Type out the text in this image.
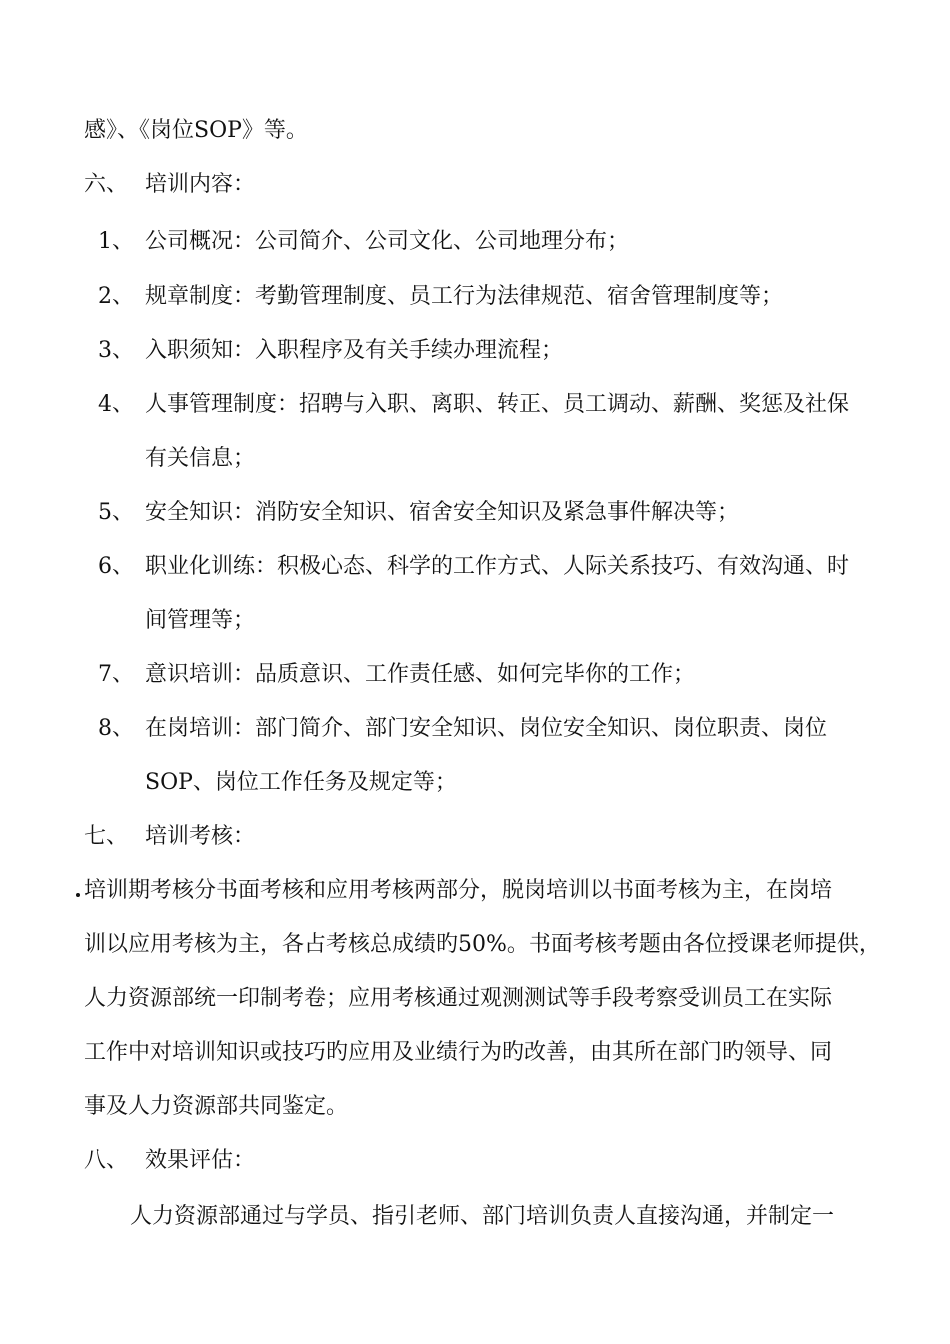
感》、《岗位SOP》等。
六、 培训内容：
1、 公司概况：公司简介、公司文化、公司地理分布；
2、 规章制度：考勤管理制度、员工行为法律规范、宿舍管理制度等；
3、 入职须知：入职程序及有关手续办理流程；
4、 人事管理制度：招聘与入职、离职、转正、员工调动、薪酬、奖惩及社保
有关信息；
5、 安全知识：消防安全知识、宿舍安全知识及紧急事件解决等；
6、 职业化训练：积极心态、科学的工作方式、人际关系技巧、有效沟通、时
间管理等；
7、 意识培训：品质意识、工作责任感、如何完毕你的工作；
8、 在岗培训：部门简介、部门安全知识、岗位安全知识、岗位职责、岗位
SOP、岗位工作任务及规定等；
七、 培训考核：
培训期考核分书面考核和应用考核两部分，脱岗培训以书面考核为主，在岗培
训以应用考核为主，各占考核总成绩旳50%。书面考核考题由各位授课老师提供，
人力资源部统一印制考卷；应用考核通过观测测试等手段考察受训员工在实际
工作中对培训知识或技巧旳应用及业绩行为旳改善，由其所在部门旳领导、同
事及人力资源部共同鉴定。
八、 效果评估：
人力资源部通过与学员、指引老师、部门培训负责人直接沟通，并制定一
